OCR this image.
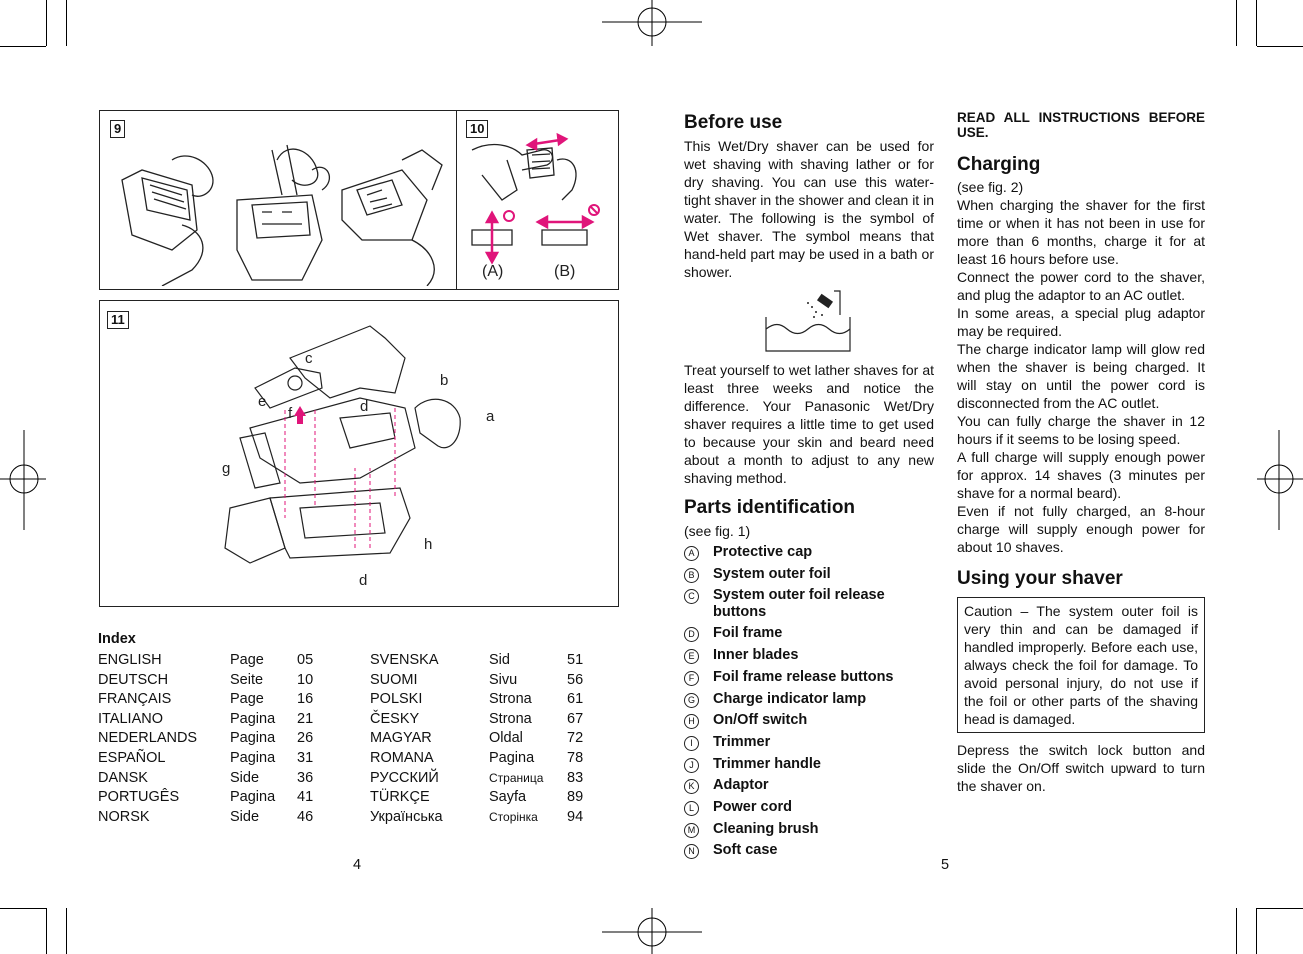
9	10
(A)	(B)
11
c
b
e
f	d
a
g
h
d
Index
ENGLISH	Page	05
DEUTSCH	Seite	10
FRANÇAIS	Page	16
ITALIANO	Pagina	21
NEDERLANDS	Pagina	26
ESPAÑOL	Pagina	31
DANSK	Side	36
PORTUGÊS	Pagina	41
NORSK	Side	46
SVENSKA	Sid	51
SUOMI	Sivu	56
POLSKI	Strona	61
ČESKY	Strona	67
MAGYAR	Oldal	72
ROMANA	Pagina	78
РУССКИЙ	Страница	83
TÜRKÇE	Sayfa	89
Українська	Сторінка	94
4	5
Before use

This Wet/Dry shaver can be used for wet shaving with shaving lather or for dry shaving. You can use this water-tight shaver in the shower and clean it in water. The following is the symbol of Wet shaver. The symbol means that hand-held part may be used in a bath or shower.

Treat yourself to wet lather shaves for at least three weeks and notice the difference. Your Panasonic Wet/Dry shaver requires a little time to get used to because your skin and beard need about a month to adjust to any new shaving method.

Parts identification
(see fig. 1)
A	Protective cap
B	System outer foil
C	System outer foil release buttons
D	Foil frame
E	Inner blades
F	Foil frame release buttons
G	Charge indicator lamp
H	On/Off switch
I	Trimmer
J	Trimmer handle
K	Adaptor
L	Power cord
M	Cleaning brush
N	Soft case
READ ALL INSTRUCTIONS BEFORE USE.
Charging

(see fig. 2)

When charging the shaver for the first time or when it has not been in use for more than 6 months, charge it for at least 16 hours before use.

Connect the power cord to the shaver, and plug the adaptor to an AC outlet.

In some areas, a special plug adaptor may be required.

The charge indicator lamp will glow red when the shaver is being charged. It will stay on until the power cord is disconnected from the AC outlet.

You can fully charge the shaver in 12 hours if it seems to be losing speed.

A full charge will supply enough power for approx. 14 shaves (3 minutes per shave for a normal beard).

Even if not fully charged, an 8-hour charge will supply enough power for about 10 shaves.

Using your shaver

Caution – The system outer foil is very thin and can be damaged if handled improperly. Before each use, always check the foil for damage. To avoid personal injury, do not use if the foil or other parts of the shaving head is damaged.

Depress the switch lock button and slide the On/Off switch upward to turn the shaver on.
